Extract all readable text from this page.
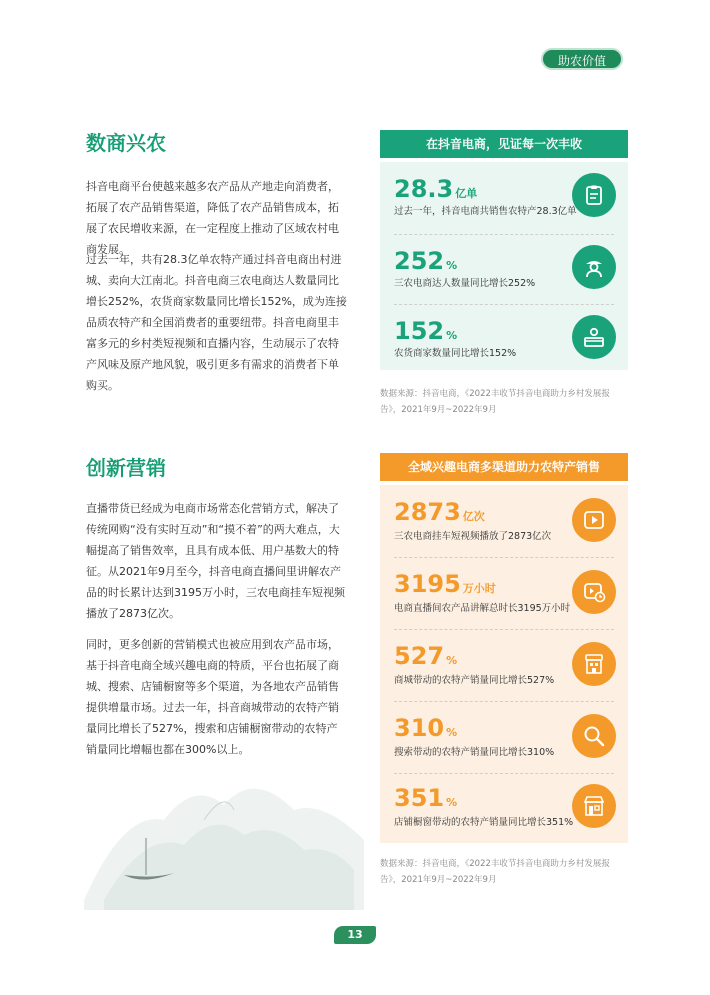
助农价值
数商兴农

抖音电商平台使越来越多农产品从产地走向消费者，拓展了农产品销售渠道，降低了农产品销售成本，拓展了农民增收来源，在一定程度上推动了区域农村电商发展。

过去一年，共有28.3亿单农特产通过抖音电商出村进城、卖向大江南北。抖音电商三农电商达人数量同比增长252%，农货商家数量同比增长152%，成为连接品质农特产和全国消费者的重要纽带。抖音电商里丰富多元的乡村类短视频和直播内容，生动展示了农特产风味及原产地风貌，吸引更多有需求的消费者下单购买。

在抖音电商，见证每一次丰收
28.3 亿单
过去一年，抖音电商共销售农特产28.3亿单
252 %
三农电商达人数量同比增长252%
152 %
农货商家数量同比增长152%

数据来源：抖音电商，《2022丰收节抖音电商助力乡村发展报告》，2021年9月~2022年9月

创新营销

直播带货已经成为电商市场常态化营销方式，解决了传统网购“没有实时互动”和“摸不着”的两大难点，大幅提高了销售效率，且具有成本低、用户基数大的特征。从2021年9月至今，抖音电商直播间里讲解农产品的时长累计达到3195万小时，三农电商挂车短视频播放了2873亿次。

同时，更多创新的营销模式也被应用到农产品市场，基于抖音电商全域兴趣电商的特质，平台也拓展了商城、搜索、店铺橱窗等多个渠道，为各地农产品销售提供增量市场。过去一年，抖音商城带动的农特产销量同比增长了527%，搜索和店铺橱窗带动的农特产销量同比增幅也都在300%以上。

全域兴趣电商多渠道助力农特产销售
2873 亿次
三农电商挂车短视频播放了2873亿次
3195 万小时
电商直播间农产品讲解总时长3195万小时
527 %
商城带动的农特产销量同比增长527%
310 %
搜索带动的农特产销量同比增长310%
351 %
店铺橱窗带动的农特产销量同比增长351%

数据来源：抖音电商，《2022丰收节抖音电商助力乡村发展报告》，2021年9月~2022年9月

13
